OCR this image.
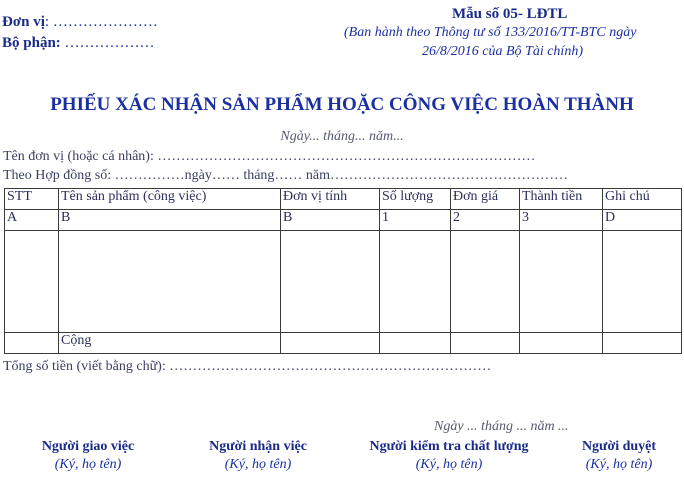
Đơn vị: …………………
Bộ phận: ………………
Mẫu số 05- LĐTL
(Ban hành theo Thông tư số 133/2016/TT-BTC ngày
26/8/2016 của Bộ Tài chính)
PHIẾU XÁC NHẬN SẢN PHẨM HOẶC CÔNG VIỆC HOÀN THÀNH
Ngày... tháng... năm...
Tên đơn vị (hoặc cá nhân): ………………………………………………………………………
Theo Hợp đồng số: ……………ngày…… tháng…… năm……………………………………………
STT	Tên sản phẩm (công việc)	Đơn vị tính	Số lượng	Đơn giá	Thành tiền	Ghi chú
A	B	B	1	2	3	D

	Cộng					
Tổng số tiền (viết bằng chữ): ……………………………………………………………
Ngày ... tháng ... năm ...
Người giao việc
(Ký, họ tên)
Người nhận việc
(Ký, họ tên)
Người kiểm tra chất lượng
(Ký, họ tên)
Người duyệt
(Ký, họ tên)
